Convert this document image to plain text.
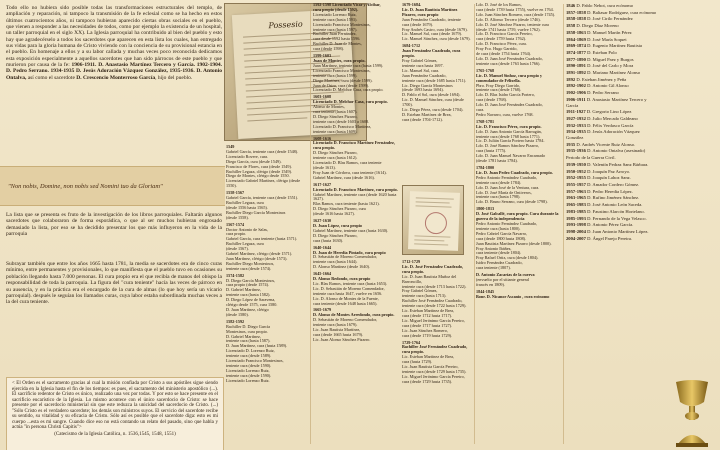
Todo ello no hubiera sido posible todas las transformaciones estructurales del templo, de ampliación y reparación, ni tampoco la transmisión de la fe eclesial como se ha hecho en estos últimos cuatrocientos años, ni tampoco hubieran aparecido ciertas obras sociales en el pueblo, que vienen a responder a las necesidades de todos, como por ejemplo la existencia de un hospital, un taller parroquial en el siglo XX). La Iglesia parroquial ha contribuido al bien del pueblo y esto hay que agradecérselo a todos los sacerdotes que aparecen en esta lista los cuales, han entregado sus vidas para la gloria humana de Cristo viviendo con la conciencia de su provisional estancia en el pueblo. En homenaje a ellos y a su labor callada y muchas veces poco reconocida dedicamos esta exposición especialmente a aquellos sacerdotes que han sido párrocos de este pueblo y que murieron por causa de la fe: 1906-1911. D. Anastasio Martínez Tercero y García. 1902-1904. D. Pedro Serrano. 1934-1935 D. Jesús Adoración Vázquez González, 1935-1936. D. Antonio Ontalva, así como el sacerdote D. Crescencio Monterroso García, hijo del pueblo.

"Non nobis, Domine, non nobis sed Nomini tuo da Gloriam"

La lista que se presenta es fruto de la investigación de los libros parroquiales. Faltarán algunos sacerdotes que colaboraron de forma esporádica, o que al ser muchos hubieran engrosado demasiado la lista, por eso se ha decidido presentar los que más influyeron en la vida de la parroquia

Subrayar también que entre los años 1665 hasta 1781, la media se sacerdotes era de cinco curas mínimo, entre permanentes y provisionales, lo que manifiesta que el pueblo tuvo en ocasiones su población llegando hasta 7.000 personas. El cura propio era el que recibía de manos del obispo la responsabilidad de toda la parroquia. La figura del "cura teniente" hacía las veces de párroco en su ausencia, y en la práctica era el encargado de la cura de almas (lo que hoy sería un vicario parroquial). después le seguían los llamados curas, cuya labor estaba subordinada muchas veces a la del cura teniente.

< El Orden es el sacramento gracias al cual la misión confiada por Cristo a sus apóstiles sigue siendo ejercida en la Iglesia hasta el fin de los tiempos: es pues, el sacramento del ministerio apostólico (...). El sacrificio redentor de Cristo es único, realizado una vez por todas. Y por esto se hace presente en el sacrificio eucarístico de la Iglesia. Lo mismo acontece con el único sacerdocio de Cristo: se hace presente por el sacerdocio ministerial sin que este reduzca la unicidad del sacerdocio de Cristo. (...) "Sólo Cristo es el verdadero sacerdote; los demás son ministros suyos. El servicio del sacerdote recibe su sentido, su vitalidad y su eficacia de Cristo. Sólo así es posible que el sacerdote diga: esto es mi cuerpo ...esta es mi sangre. Cuando dice eso no está contando un relato del pasado, sino que habla y actúa "in persona Christi Capitis">

(Catecismo de la Iglesia Católica, n. 1536,1545, 1548, 1551)

Possesio
1549
Gabriel García, teniente cura (desde 1548).
Licenciado Rovere, cura.
Diego García, cura (desde 1549).
Francisco de Flores, cura (desde 1549).
Bachiller Legaza, clérigo (desde 1549).
Diego de Montes, clérigo desde 1550.
Licenciado Gabriel Martínez, clérigo (desde 1550).
1558-1567
Gabriel García, teniente cura (desde 1551).
Bachiller Legaza, cura
(desde 1556 hasta 1565).
Bachiller Diego García Montesinos
(desde 1558).
1567-1574
Doctor Antonio de Salas,
cura propio.
Gabriel García, cura teniente (hasta 1571).
Bachiller Legaza, cura
(desde 1567).
Gabriel Martínez, clérigo (desde 1571).
Juan Martínez, clérigo (desde 1573).
Bachiller Diego Montesinos,
teniente cura (desde 1574).
1574-1582
D. Diego García Montesinos,
cura propio (desde 1574).
D. Gabriel Martínez,
teniente cura (hasta 1582).
D. Diego López de Saravena,
clérigo desde 1575, cura 1580.
D. Juan Martínez, clérigo
(desde 1580).
1582-1592
Bachiller D. Diego García
Montesinos, cura propio.
D. Gabriel Martínez,
teniente cura (hasta 1587).
D. Juan Martínez, cura (hasta 1589).
Licenciado D. Lorenzo Ruiz,
teniente cura (desde 1589).
Licenciado Francisco Montesinos,
teniente cura (desde 1590).
Licenciado Lorenzo Ruiz,
teniente cura (desde 1590).
Licenciado Lorenzo Ruiz.
1592-1598 Licenciado Vicar y Alcibar,
cura propio (desde 1592).
Licenciado Lorenzo Ruiz,
teniente cura (hasta 1593).
Licenciado Francisco Montesinos,
teniente cura (hasta 1597).
Bachiller Juan Fernández,
cura desde 1592 hasta 1596.
Bachiller D. Juan de Montes,
cura (desde 1598).
1599-1603
Juan de Montes, cura propio.
Juan Martínez, teniente cura (hasta 1599).
Licenciado Francisco Montesinos,
teniente cura (hasta 1599).
Diego Martínez, cura (desde 1599).
Juan de Ostro, cura (desde 1599).
Licenciado D. Melchor Casa, cura propio.
1603-1608
Licenciado D. Melchor Casa, cura propio.
Alonso de Montes,
cura teniente (hasta 1607).
D. Diego Sánchez Pizarro,
teniente cura (desde 1603 a 1608.
Licenciado D. Francisco Martínez,
teniente cura (hasta 1609).
1608-1616
Licenciado D. Francisco Martínez Fernández, cura propio.
D. Diego Sánchez Pizarro,
teniente cura (hasta 1612).
Licenciado D. Blas Ramos, cura teniente
(desde 1613).
Fray Juan de Córdova, cura teniente (1614).
Gabriel Martínez, cura (desde 1616).
1617-1627
Licenciado D. Francisco Martínez, cura propio.
Gabriel Martínez, teniente cura (desde 1620 hasta 1627).
Blas Ramos, cura teniente (hasta 1621).
D. Diego Sánchez Pizarro, cura
(desde 1616 hasta 1627).
1627-1630
D. Juan López, cura propio
Gabriel Martínez, teniente cura (hasta 1630).
D. Diego Sánchez Pizarro,
cura (hasta 1630).
1640-1644
D. Juan de Heredia Pintado, cura propio
D. Sebastián de Moreno Comendador,
teniente cura (hasta 1644).
D. Alonso Martínez (desde 1640).
1645-1664
D. Alonso Redondo, cura propio
Lic. Blas Ramos, teniente cura (hasta 1653).
Lic. D. Sebastián de Moreno Comendador,
teniente cura hasta 1647, vuelve en 1656.
Lic. D. Alonso de Montes de la Fuente,
cura teniente (desde 1648 hasta 1665).
1665-1679
D. Alonso de Montes Arredondo, cura propio.
D. Sebastián de Moreno Comendador,
teniente cura (hasta 1679).
Lic. Juan Bautista Martínez,
cura (desde 1665 hasta 1679).
Lic. Juan Alonso Sánchez Pizarro.
1679-1684.
Lic. D. Juan Bautista Martínez Pizarro, cura propio
Juan Fernández Cuadrado, teniente
cura (desde 1679).
Fray Andrés Castro, cura (desde 1679).
Lic. Manuel Sal, cura (desde 1679).
Lic. Manuel Sánchez, cura (desde 1679).
1684-1712
Juan Fernández Cuadrado, cura propio.
Fray Gabriel Gómez,
teniente cura hasta 1697.
Lic. Manuel Sal, cura.
Juan Fernández Cuadrado,
teniente cura (desde 1685 hasta 1711).
Lic. Diego García Montesinos
(desde 1693 hasta 1694).
D. Pablo el Sol, cura (desde 1694).
Lic. D. Manuel Sánchez, cura (desde 1700).
Lic. Diego Pérez, cura (desde 1704).
D. Esteban Martínez de Brea,
cura (desde 1704-1712).
1712-1729
Lic. D. José Fernández Cuadrado, cura propio.
Lic. D. Juan Bautista Muñoz del Barroncillo,
teniente cura (desde 1713 hasta 1722).
Fray Gabriel Gómez,
teniente cura (hasta 1713).
Bachiller José Fernández Cuadrado,
teniente cura (desde 1722 hasta 1729).
Lic. Esteban Martínez de Brea,
cura (desde 1712 hasta 1717).
Lic. Miguel Jerónimo García Pereiro,
cura (desde 1717 hasta 1727).
Lic. Juan Sánchez Romero,
cura (desde 1719 hasta 1729).
1729-1764
Bachiller José Fernández Cuadrado, cura propio.
Lic. Esteban Martínez de Brea,
cura (hasta 1729).
Lic. Juan Bautista García Pereiro,
teniente cura (desde 1729 hasta 1735).
Lic. Miguel Jerónimo García Pereiro,
cura (desde 1729 hasta 1735).
Ldo. D. José de los Ramos,
cura (desde 1739 hasta 1755), vuelve en 1764.
Ldo. Juan Sánchez Romero, cura (desde 1745).
Ldo. D. Alfonso Tercero (desde 1746).
Ldo. D. José Sánchez Pizarro, teniente cura
(desde 1741 hasta 1759, vuelve 1762).
Ldo. D. Francisco García Pereiro,
cura (desde 1759 hasta 1762).
Ldo. D. Francisco Pérez, cura.
Fray Fco. Hugo Garrido,
de cura (desde 1754 hasta 1764).
Ldo. D. Juan José Fernández Cuadrado,
teniente cura (desde 1763 hasta 1766).
1765-1768
Lic. D. Manuel Sinhoz, cura propio y comendador de Félixella.
Pbro. Fray Diego Garrido,
teniente cura (desde 1768).
Ldo. D. Blas Isidro García Portero,
cura (desde 1768).
Ldo. D. Juan José Fernández Cuadrado,
cura.
Pedro Navarro, cura, vuelve 1768.
1768-1781
Lic. D. Francisco Pérez, cura propio.
Ldo. D. Juan Antonio García Barragán,
teniente cura (desde 1768 hasta 1771).
Lic. D. Julián García Portero hasta 1784.
Ldo. D. José Ramos Sánchez Pizarro,
cura (hasta 1775).
Ldo. D. Juan Manuel Navarro Encarnado
(desde 1781 hasta 1784).
1784-1800
Lic. D. Juan Pedro Cuadrado, cura propio.
Pedro Antonio Fernández Cuadrado,
teniente cura (desde 1784).
Ldo. D. Juan José de la Ventura, cura.
Ldo. D. José María de Ontiveros,
teniente cura (hasta 1798).
Ldo. D. Bruno Serrano, cura (desde 1798).
1800-1813
D. José Galcallé, cura propio. Cura durante la guerra de la independencia
Pedro Antonio Fernández Cuadrado,
teniente cura (hasta 1800).
Pedro Cabriel García Navarro,
cura (desde 1800 hasta 1808).
Juan Bautista Martínez Pizarro (desde 1800).
Fray Antonio Ibáñez,
cura teniente (desde 1804).
Fray Rafael Ortiz, cura (desde 1804).
Isidro Fernández Cuadrado,
cura teniente (1807).
D. Antonio Zacarías de la cuerva
(envuelto por el sitiante general
francés en 1809).
1844-1845
Bonr. D. Nicanor Ascanio , cura ecónomo
1846 D. Pablo Nebot, cura ecónomo
1857-1858 D. Baltasar Rodríguez, cura ecónomo
1858-1858 D. José Cirilo Fernández
1858 D. Diego Díaz Moreno
1858-1863 D. Manuel Martín Pérez
1864-1869 D. José María Soquet
1869-1874 D. Eugenio Martínez Bautista
1874-1877 D. Esteban Polo
1877-1890 D. Miguel Paez y Burgos
1890-1891 D. José del Carlo y Mora
1891-1892 D. Mariano Martínez Alonso
1892 D. Esteban Jiménez y Peña
1892-1902 D. Antonio Gil Alonso
1902-1906 D. Pedro Serrano
1906-1911 D. Anastasio Martínez Tercero y García
1911-1927 D. Gregorio Lino López
1927-1932 D. Julio Mercado Galdeano
1932-1933 D. Félix Verdasco García
1934-1935 D. Jesús Adoración Vázquez González
1935 D. Andrés Vicente Ruiz Alonso.
1935-1936 D. Antonio Ontalva (asesinado)
Periodo de la Guerra Civil.
1939-1950 D. Valentín Pedraz Sanz Bárbara.
1950-1952 D. Joaquín Paz Arroyo.
1952-1955 D. Joaquín Lahoz Sanz.
1955-1957 D. Amador Cordero Gómez.
1957-1963 D. Pedro Heredia López.
1963-1965 D. Rufino Jiménez Sánchez.
1965-1983 D. José Antonio León Saceda.
1983-1985 D. Faustino Alarcón Hortelano.
1985-1993 D. Fernando de la Vega Velasco.
1993-1998 D. Antonio Pérez García.
1998-2004 D. Juan Antonio Martínez López.
2004-2007 D. Ángel Parejo Pereira.
